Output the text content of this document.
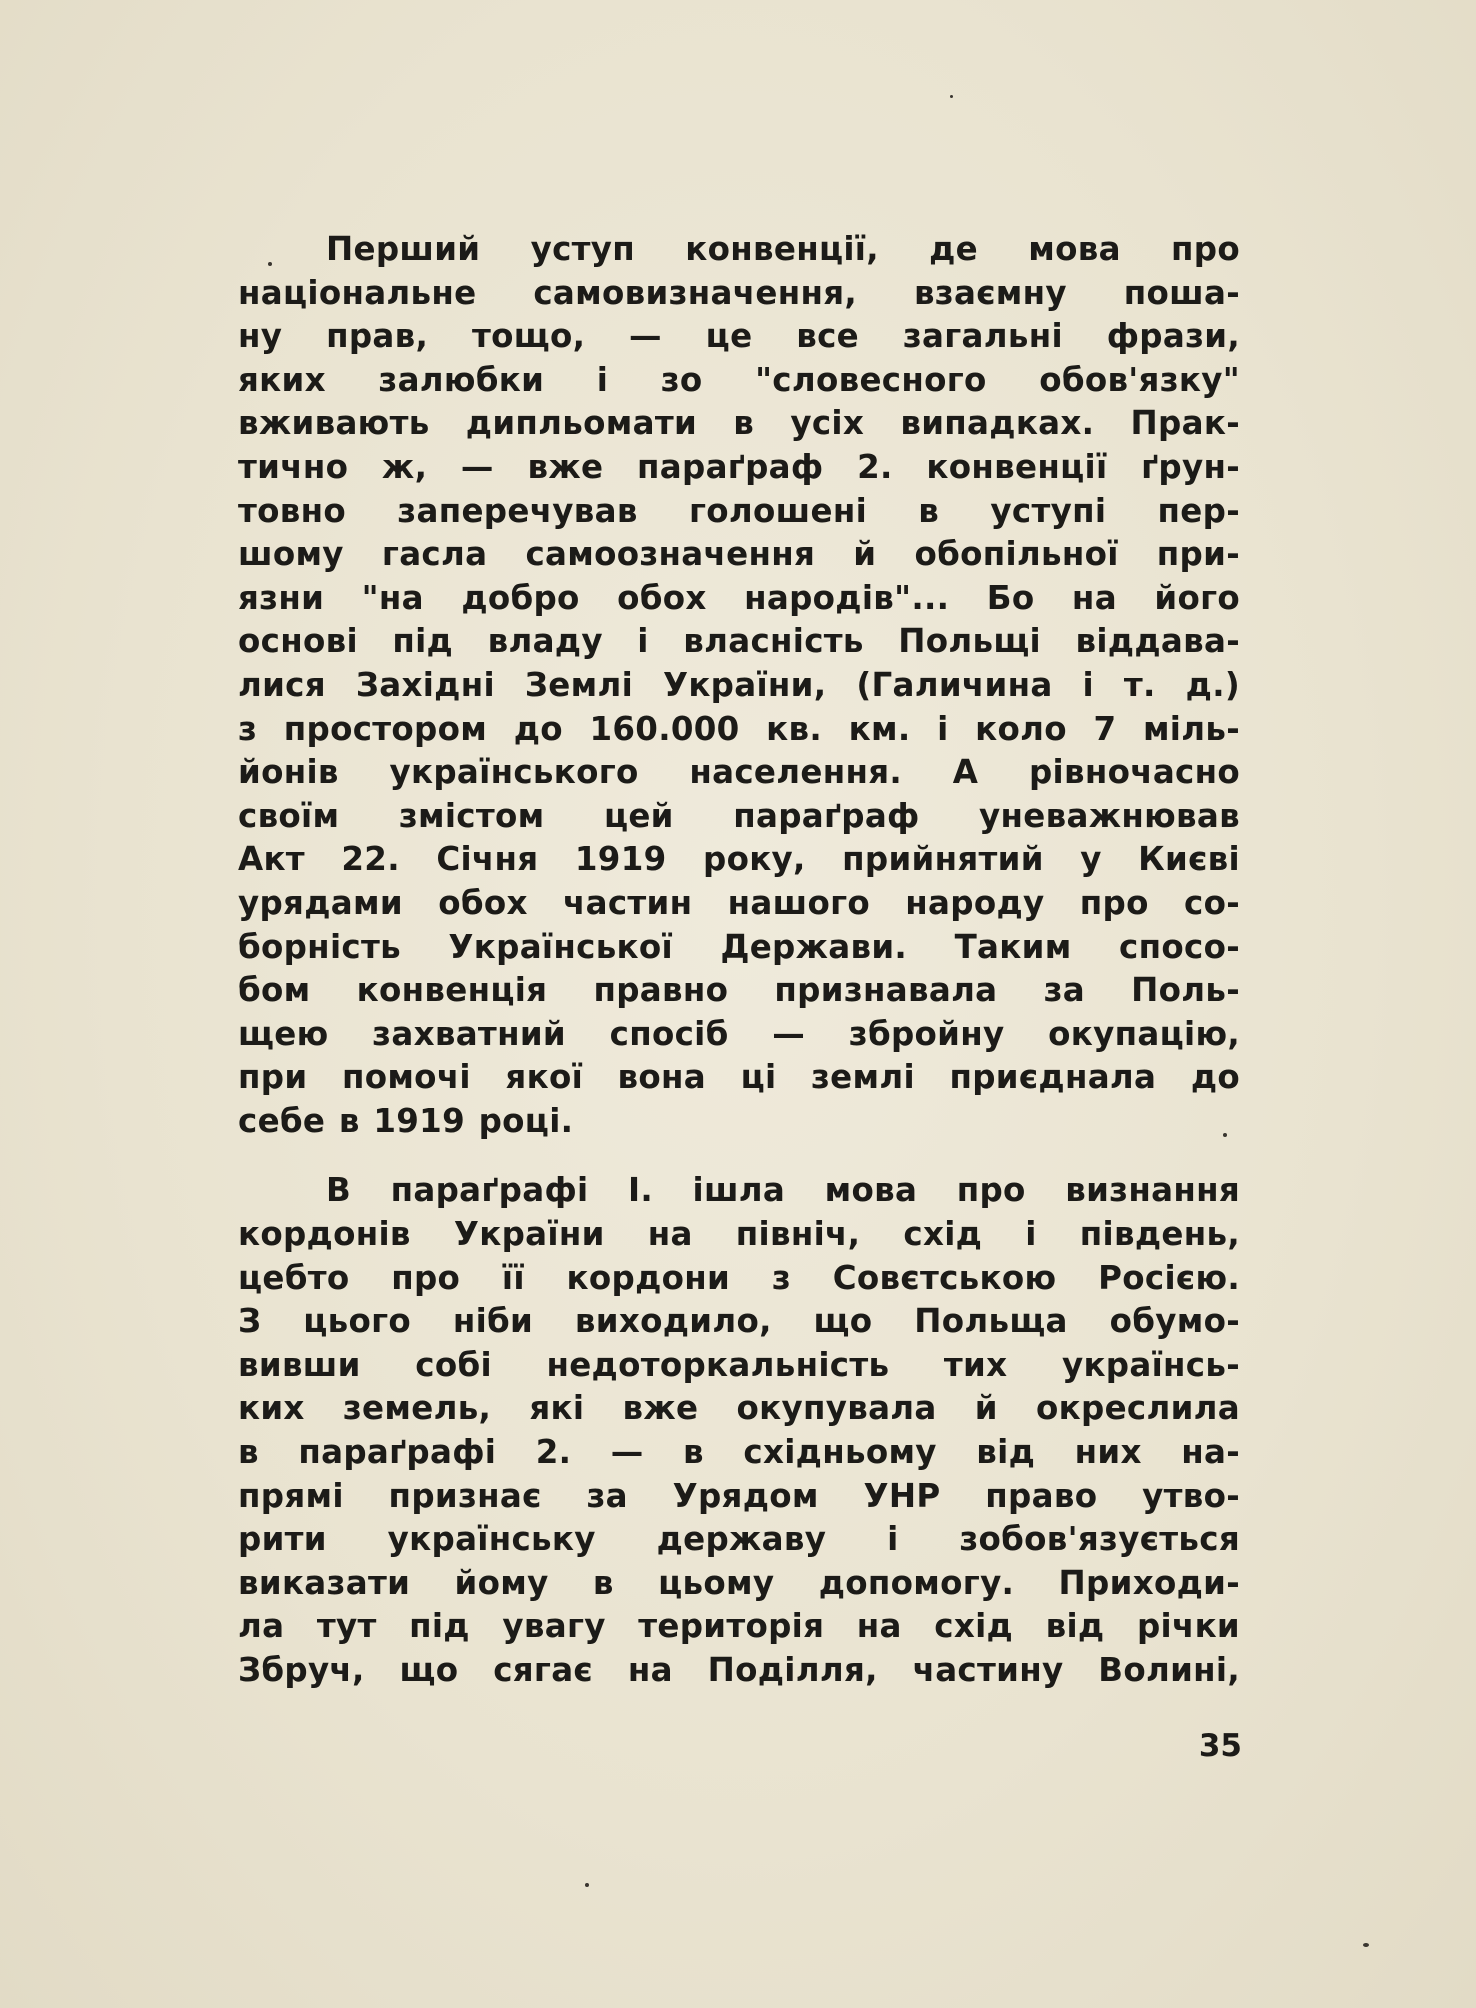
Перший уступ конвенції, де мова про
національне самовизначення, взаємну поша-
ну прав, тощо, — це все загальні фрази,
яких залюбки і зо "словесного обов'язку"
вживають дипльомати в усіх випадках. Прак-
тично ж, — вже параґраф 2. конвенції ґрун-
товно заперечував голошені в уступі пер-
шому гасла самоозначення й обопільної при-
язни "на добро обох народів"... Бо на його
основі під владу і власність Польщі віддава-
лися Західні Землі України, (Галичина і т. д.)
з простором до 160.000 кв. км. і коло 7 міль-
йонів українського населення. А рівночасно
своїм змістом цей параґраф уневажнював
Акт 22. Січня 1919 року, прийнятий у Києві
урядами обох частин нашого народу про со-
борність Української Держави. Таким спосо-
бом конвенція правно признавала за Поль-
щею захватний спосіб — збройну окупацію,
при помочі якої вона ці землі приєднала до
себе в 1919 році.
В параґрафі І. ішла мова про визнання
кордонів України на північ, схід і південь,
цебто про її кордони з Совєтською Росією.
З цього ніби виходило, що Польща обумо-
вивши собі недоторкальність тих українсь-
ких земель, які вже окупувала й окреслила
в параґрафі 2. — в східньому від них на-
прямі признає за Урядом УНР право утво-
рити українську державу і зобов'язується
виказати йому в цьому допомогу. Приходи-
ла тут під увагу територія на схід від річки
Збруч, що сягає на Поділля, частину Волині,
35
